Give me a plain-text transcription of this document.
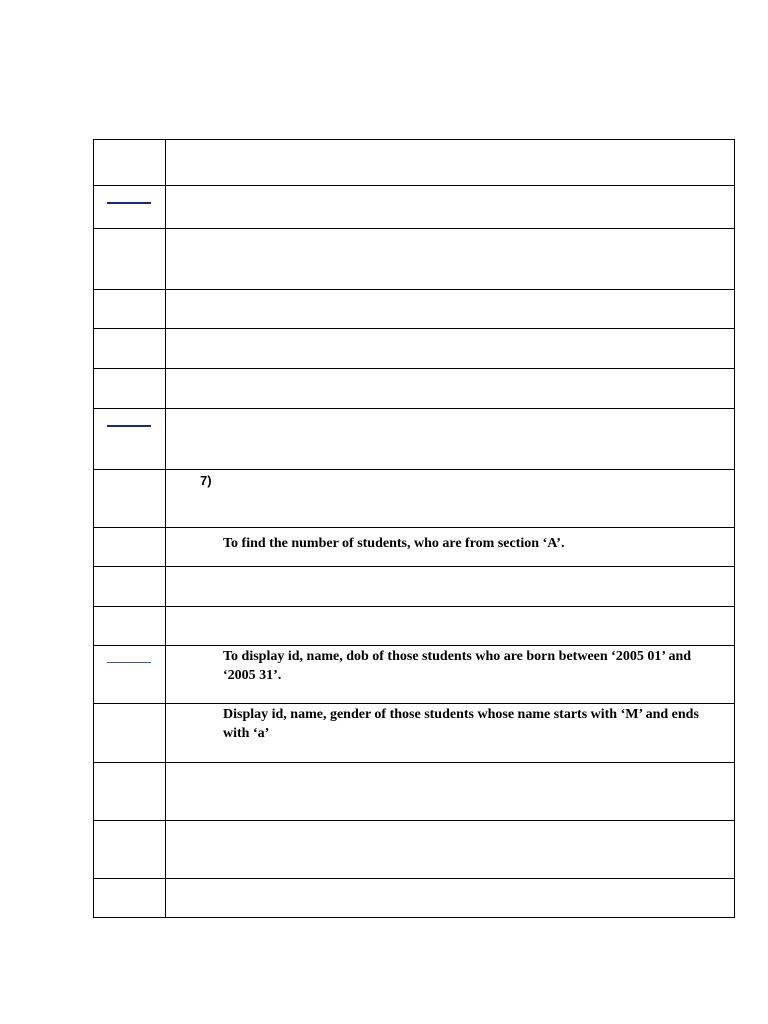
	7)

	To find the number of students, who are from section ‘A’.

	To display id, name, dob of those students who are born between ‘2005 01’ and ‘2005 31’.

	Display id, name, gender of those students whose name starts with ‘M’ and ends with ‘a’
